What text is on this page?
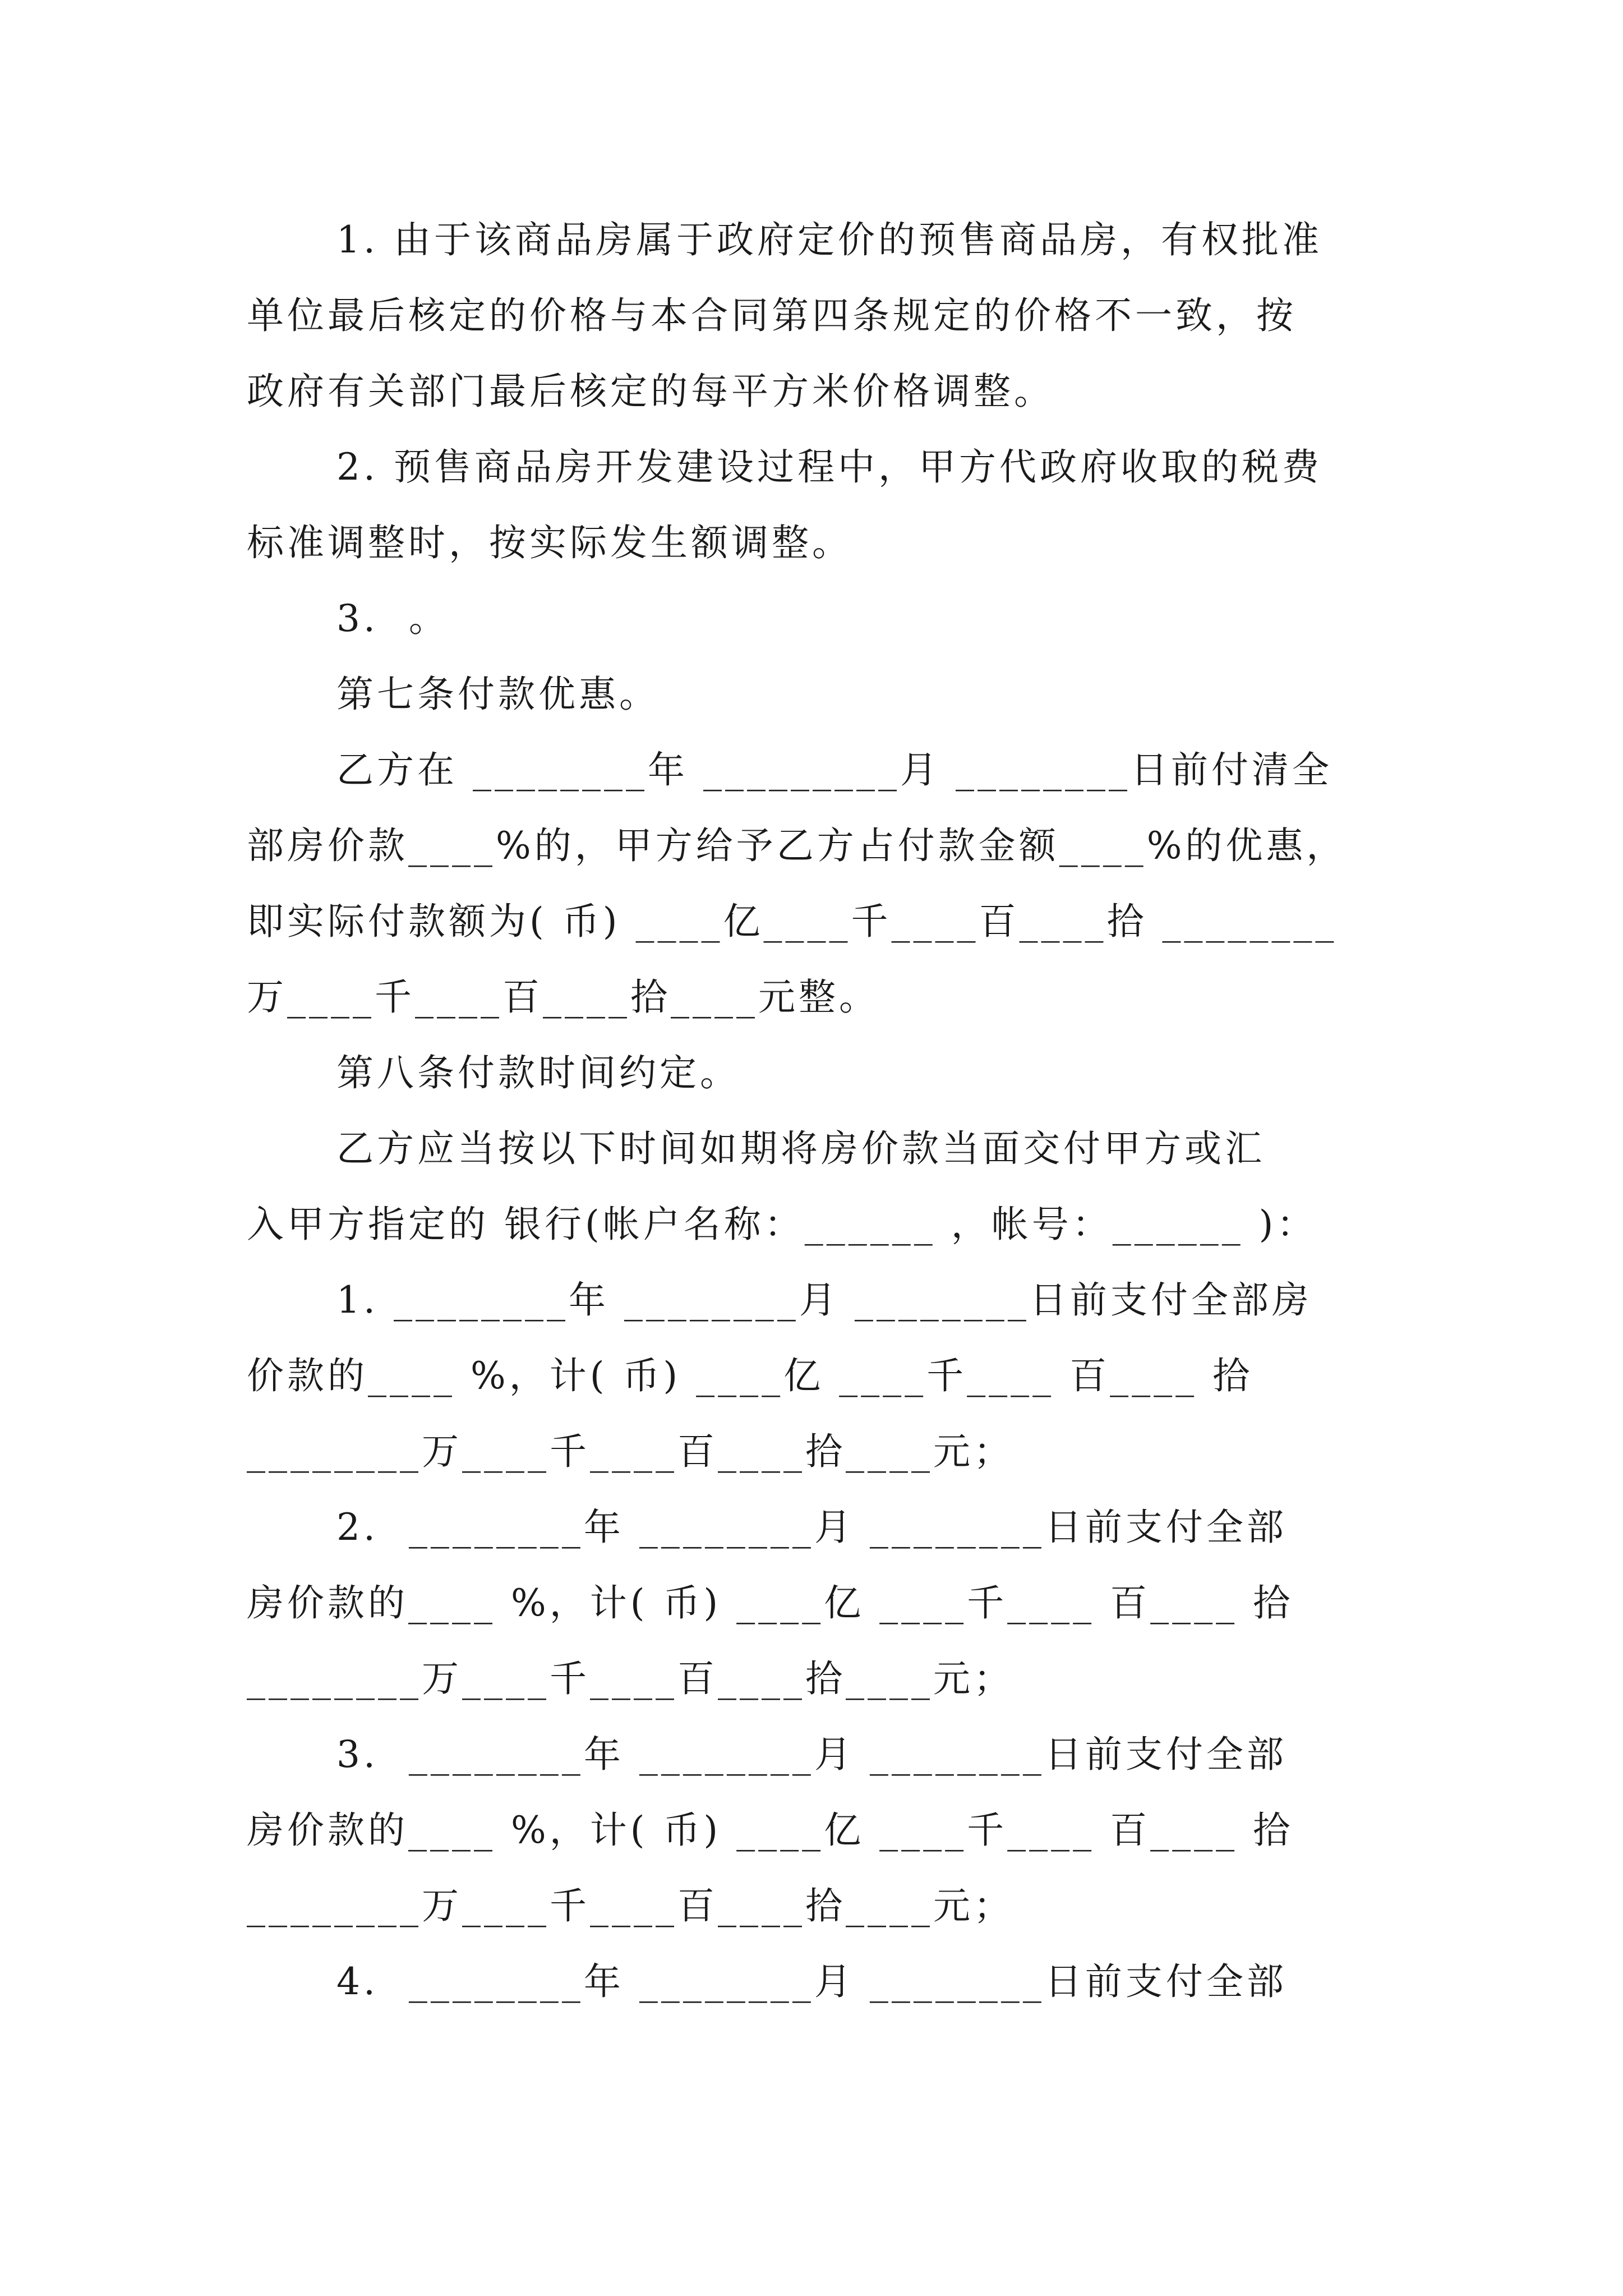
1. 由于该商品房属于政府定价的预售商品房，有权批准
单位最后核定的价格与本合同第四条规定的价格不一致，按
政府有关部门最后核定的每平方米价格调整。
2. 预售商品房开发建设过程中，甲方代政府收取的税费
标准调整时，按实际发生额调整。
3.  。
第七条付款优惠。
乙方在 ________年 _________月 ________日前付清全
部房价款____%的，甲方给予乙方占付款金额____%的优惠，
即实际付款额为( 币) ____亿____千____百____拾 ________
万____千____百____拾____元整。
第八条付款时间约定。
乙方应当按以下时间如期将房价款当面交付甲方或汇
入甲方指定的 银行(帐户名称：______ ，帐号：______ )：
1. ________年 ________月 ________日前支付全部房
价款的____ %，计( 币) ____亿 ____千____ 百____ 拾
________万____千____百____拾____元；
2.  ________年 ________月 ________日前支付全部
房价款的____ %，计( 币) ____亿 ____千____ 百____ 拾
________万____千____百____拾____元；
3.  ________年 ________月 ________日前支付全部
房价款的____ %，计( 币) ____亿 ____千____ 百____ 拾
________万____千____百____拾____元；
4.  ________年 ________月 ________日前支付全部
